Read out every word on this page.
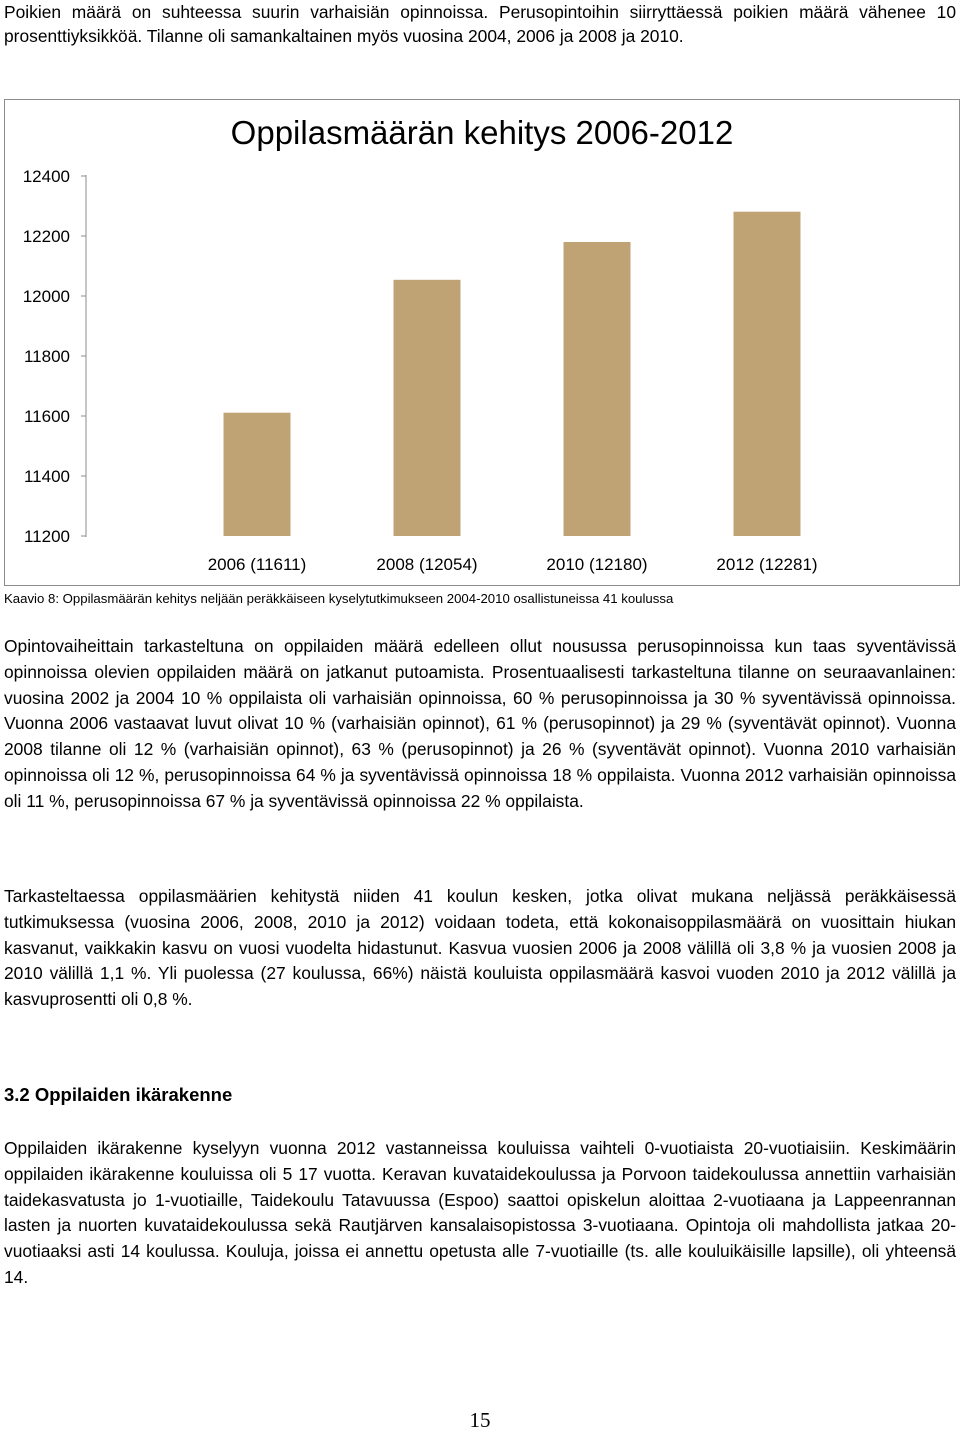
Poikien määrä on suhteessa suurin varhaisiän opinnoissa. Perusopintoihin siirryttäessä poikien määrä vähenee 10 prosenttiyksikköä. Tilanne oli samankaltainen myös vuosina 2004, 2006 ja 2008 ja 2010.

Oppilasmäärän kehitys 2006-2012
12400
12200
12000
11800
11600
11400
11200
2006 (11611)	2008 (12054)	2010 (12180)	2012 (12281)

Kaavio 8: Oppilasmäärän kehitys neljään peräkkäiseen kyselytutkimukseen 2004-2010 osallistuneissa 41 koulussa

Opintovaiheittain tarkasteltuna on oppilaiden määrä edelleen ollut nousussa perusopinnoissa kun taas syventävissä opinnoissa olevien oppilaiden määrä on jatkanut putoamista. Prosentuaalisesti tarkasteltuna tilanne on seuraavanlainen: vuosina 2002 ja 2004 10 % oppilaista oli varhaisiän opinnoissa, 60 % perusopinnoissa ja 30 % syventävissä opinnoissa. Vuonna 2006 vastaavat luvut olivat 10 % (varhaisiän opinnot), 61 % (perusopinnot) ja 29 % (syventävät opinnot). Vuonna 2008 tilanne oli 12 % (varhaisiän opinnot), 63 % (perusopinnot) ja 26 % (syventävät opinnot). Vuonna 2010 varhaisiän opinnoissa oli 12 %, perusopinnoissa 64 % ja syventävissä opinnoissa 18 % oppilaista. Vuonna 2012 varhaisiän opinnoissa oli 11 %, perusopinnoissa 67 % ja syventävissä opinnoissa 22 % oppilaista.

Tarkasteltaessa oppilasmäärien kehitystä niiden 41 koulun kesken, jotka olivat mukana neljässä peräkkäisessä tutkimuksessa (vuosina 2006, 2008, 2010 ja 2012) voidaan todeta, että kokonaisoppilasmäärä on vuosittain hiukan kasvanut, vaikkakin kasvu on vuosi vuodelta hidastunut. Kasvua vuosien 2006 ja 2008 välillä oli 3,8 % ja vuosien 2008 ja 2010 välillä 1,1 %. Yli puolessa (27 koulussa, 66%) näistä kouluista oppilasmäärä kasvoi vuoden 2010 ja 2012 välillä ja kasvuprosentti oli 0,8 %.

3.2 Oppilaiden ikärakenne

Oppilaiden ikärakenne kyselyyn vuonna 2012 vastanneissa kouluissa vaihteli 0-vuotiaista 20-vuotiaisiin. Keskimäärin oppilaiden ikärakenne kouluissa oli 5 17 vuotta. Keravan kuvataidekoulussa ja Porvoon taidekoulussa annettiin varhaisiän taidekasvatusta jo 1-vuotiaille, Taidekoulu Tatavuussa (Espoo) saattoi opiskelun aloittaa 2-vuotiaana ja Lappeenrannan lasten ja nuorten kuvataidekoulussa sekä Rautjärven kansalaisopistossa 3-vuotiaana. Opintoja oli mahdollista jatkaa 20-vuotiaaksi asti 14 koulussa. Kouluja, joissa ei annettu opetusta alle 7-vuotiaille (ts. alle kouluikäisille lapsille), oli yhteensä 14.

15
